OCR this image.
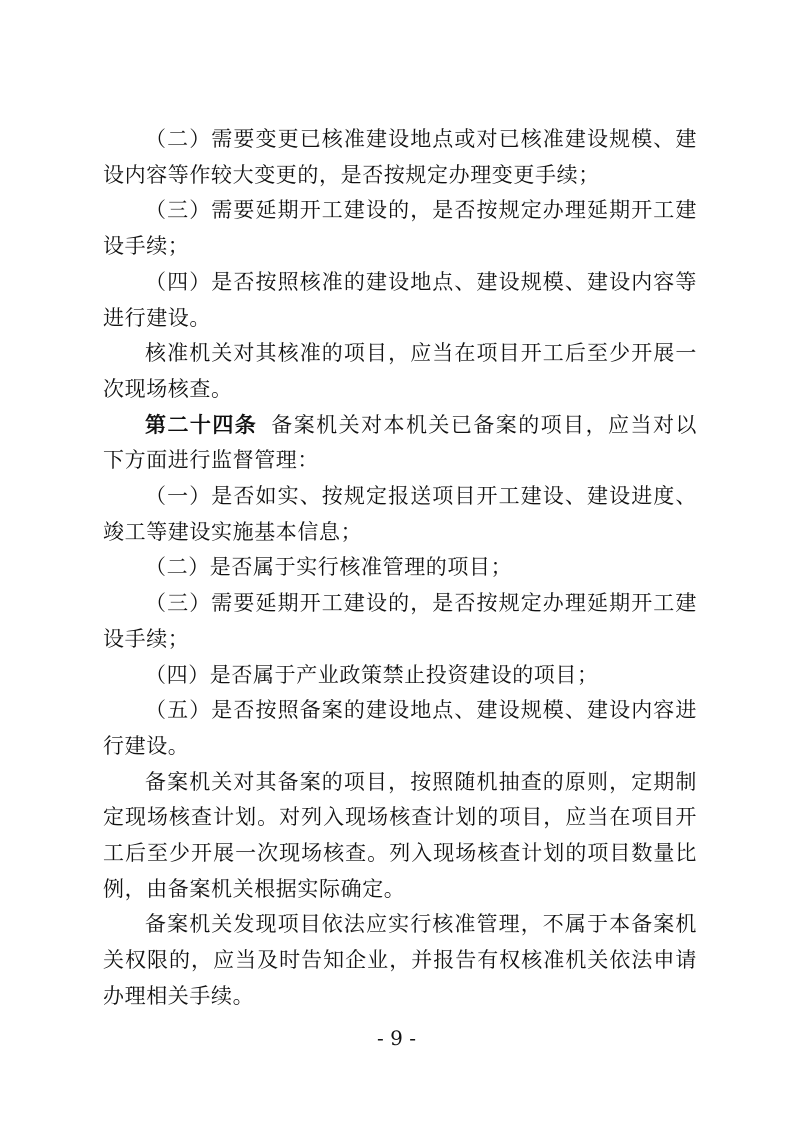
（二）需要变更已核准建设地点或对已核准建设规模、建设内容等作较大变更的，是否按规定办理变更手续；

（三）需要延期开工建设的，是否按规定办理延期开工建设手续；

（四）是否按照核准的建设地点、建设规模、建设内容等进行建设。

核准机关对其核准的项目，应当在项目开工后至少开展一次现场核查。

第二十四条 备案机关对本机关已备案的项目，应当对以下方面进行监督管理：

（一）是否如实、按规定报送项目开工建设、建设进度、竣工等建设实施基本信息；

（二）是否属于实行核准管理的项目；

（三）需要延期开工建设的，是否按规定办理延期开工建设手续；

（四）是否属于产业政策禁止投资建设的项目；

（五）是否按照备案的建设地点、建设规模、建设内容进行建设。

备案机关对其备案的项目，按照随机抽查的原则，定期制定现场核查计划。对列入现场核查计划的项目，应当在项目开工后至少开展一次现场核查。列入现场核查计划的项目数量比例，由备案机关根据实际确定。

备案机关发现项目依法应实行核准管理，不属于本备案机关权限的，应当及时告知企业，并报告有权核准机关依法申请办理相关手续。

- 9 -
